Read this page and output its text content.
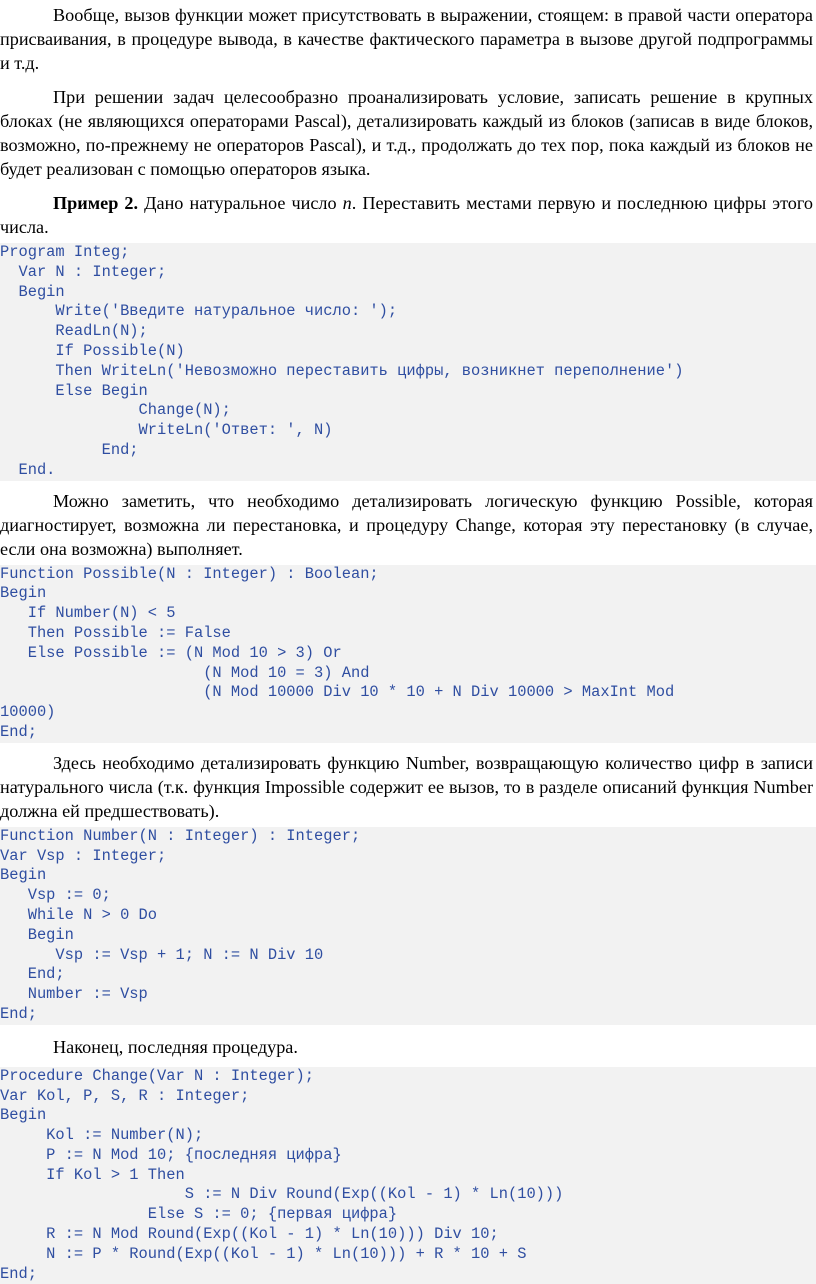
Вообще, вызов функции может присутствовать в выражении, стоящем: в правой части оператора присваивания, в процедуре вывода, в качестве фактического параметра в вызове другой подпрограммы и т.д.

При решении задач целесообразно проанализировать условие, записать решение в крупных блоках (не являющихся операторами Pascal), детализировать каждый из блоков (записав в виде блоков, возможно, по-прежнему не операторов Pascal), и т.д., продолжать до тех пор, пока каждый из блоков не будет реализован с помощью операторов языка.

Пример 2. Дано натуральное число n. Переставить местами первую и последнюю цифры этого числа.

Program Integ;
Var N : Integer;
Begin
Write('Введите натуральное число: ');
ReadLn(N);
If Possible(N)
Then WriteLn('Невозможно переставить цифры, возникнет переполнение')
Else Begin
Change(N);
WriteLn('Ответ: ', N)
End;
End.

Можно заметить, что необходимо детализировать логическую функцию Possible, которая диагностирует, возможна ли перестановка, и процедуру Change, которая эту перестановку (в случае, если она возможна) выполняет.

Function Possible(N : Integer) : Boolean;
Begin
If Number(N) < 5
Then Possible := False
Else Possible := (N Mod 10 > 3) Or
(N Mod 10 = 3) And
(N Mod 10000 Div 10 * 10 + N Div 10000 > MaxInt Mod
10000)
End;

Здесь необходимо детализировать функцию Number, возвращающую количество цифр в записи натурального числа (т.к. функция Impossible содержит ее вызов, то в разделе описаний функция Number должна ей предшествовать).

Function Number(N : Integer) : Integer;
Var Vsp : Integer;
Begin
Vsp := 0;
While N > 0 Do
Begin
Vsp := Vsp + 1; N := N Div 10
End;
Number := Vsp
End;

Наконец, последняя процедура.

Procedure Change(Var N : Integer);
Var Kol, P, S, R : Integer;
Begin
Kol := Number(N);
P := N Mod 10; {последняя цифра}
If Kol > 1 Then
S := N Div Round(Exp((Kol - 1) * Ln(10)))
Else S := 0; {первая цифра}
R := N Mod Round(Exp((Kol - 1) * Ln(10))) Div 10;
N := P * Round(Exp((Kol - 1) * Ln(10))) + R * 10 + S
End;
